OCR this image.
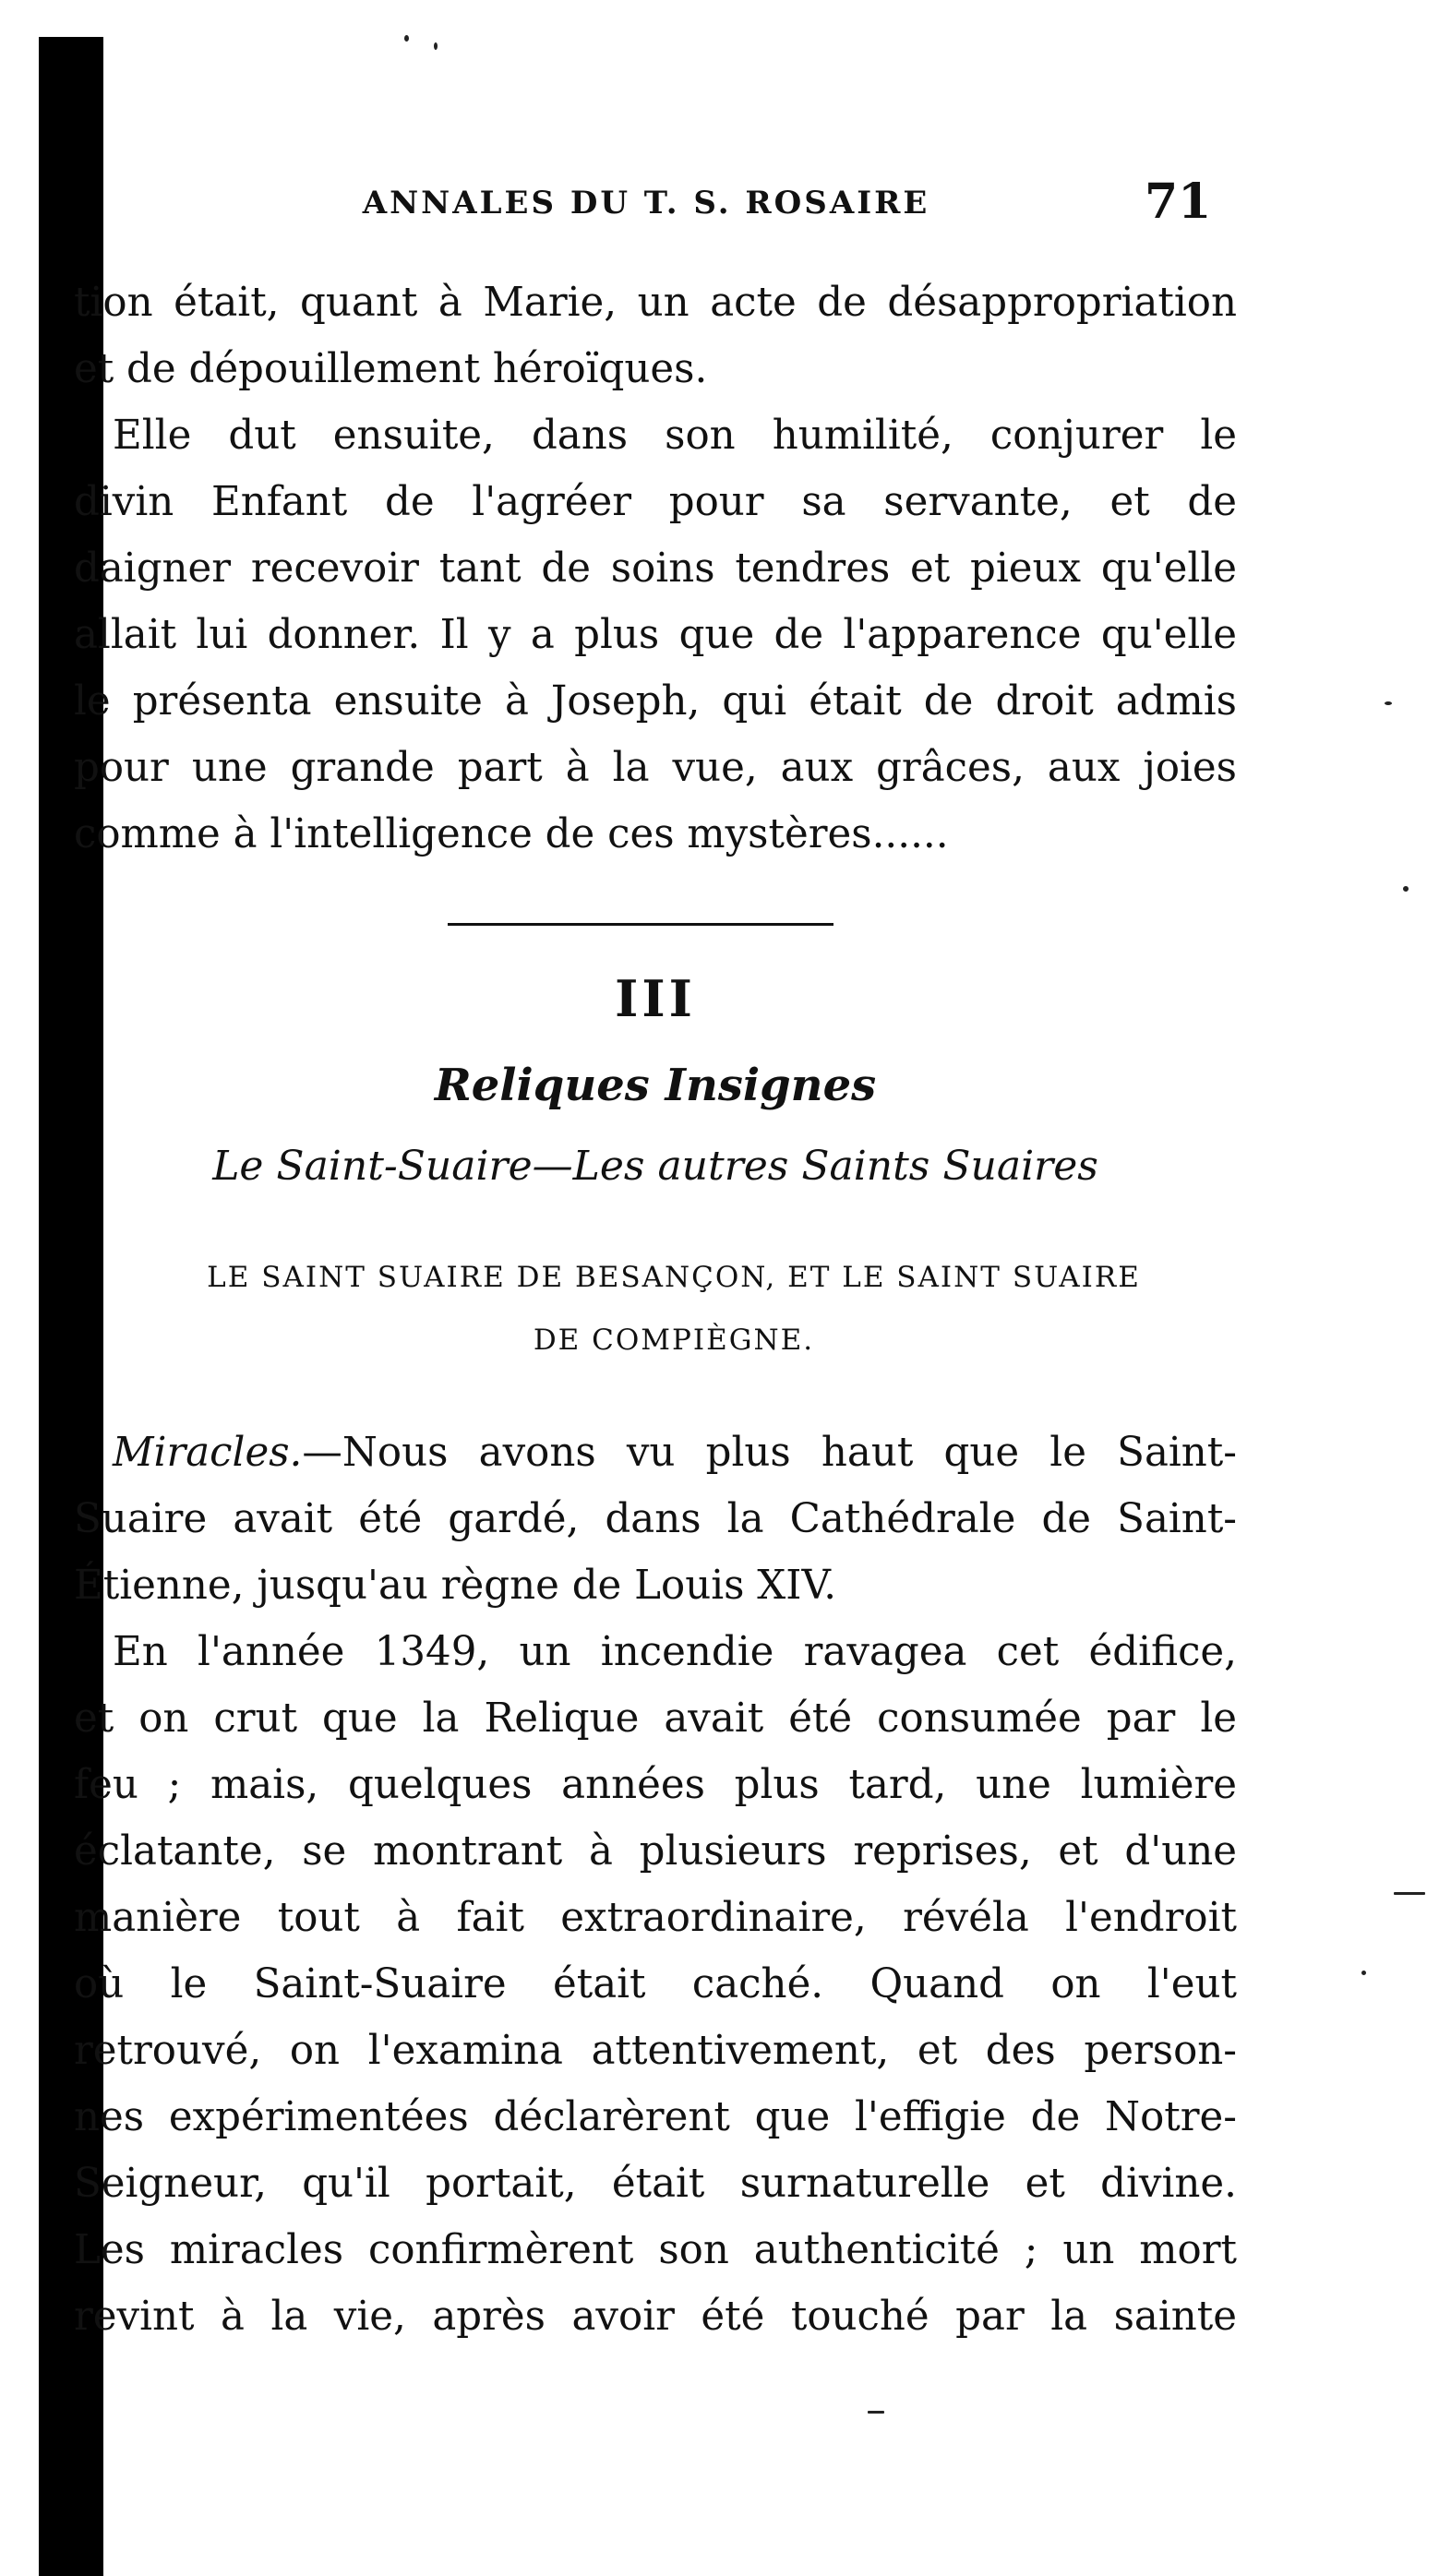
ANNALES DU T. S. ROSAIRE	71
tion était, quant à Marie, un acte de désappropriation
et de dépouillement héroïques.
Elle dut ensuite, dans son humilité, conjurer le
divin Enfant de l'agréer pour sa servante, et de
daigner recevoir tant de soins tendres et pieux qu'elle
allait lui donner. Il y a plus que de l'apparence qu'elle
le présenta ensuite à Joseph, qui était de droit admis
pour une grande part à la vue, aux grâces, aux joies
comme à l'intelligence de ces mystères......
III
Reliques Insignes
Le Saint-Suaire—Les autres Saints Suaires
LE SAINT SUAIRE DE BESANÇON, ET LE SAINT SUAIRE
DE COMPIÈGNE.
Miracles.—Nous avons vu plus haut que le Saint-
Suaire avait été gardé, dans la Cathédrale de Saint-
Étienne, jusqu'au règne de Louis XIV.
En l'année 1349, un incendie ravagea cet édifice,
et on crut que la Relique avait été consumée par le
feu ; mais, quelques années plus tard, une lumière
éclatante, se montrant à plusieurs reprises, et d'une
manière tout à fait extraordinaire, révéla l'endroit
où le Saint-Suaire était caché. Quand on l'eut
retrouvé, on l'examina attentivement, et des person-
nes expérimentées déclarèrent que l'effigie de Notre-
Seigneur, qu'il portait, était surnaturelle et divine.
Les miracles confirmèrent son authenticité ; un mort
revint à la vie, après avoir été touché par la sainte
